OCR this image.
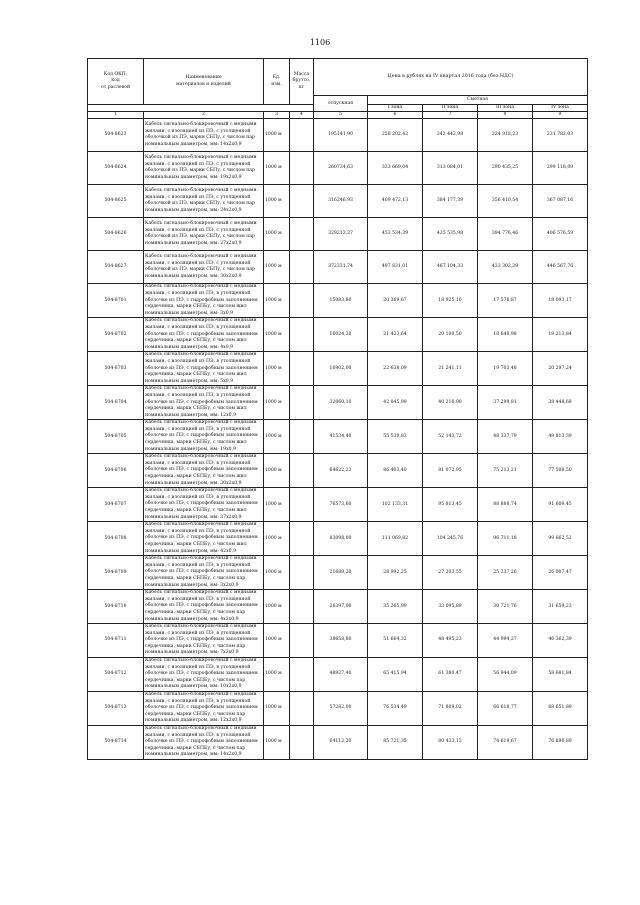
1106
Код ОКП,
код
от раслевой	Наименование
материалов и изделий	Ед.
изм.	Масса
брутто,
кг	Цена в рублях на IV квартал 2016 года (без НДС)				
				отпускная	Сметная			
					I зона	II зона	III зона	IV зона
1	2	3	4	5	6	7	8	9
504-8623	Кабель сигнально-блокировочный с медными жилами, с изоляцией из ПЭ, с утолщенной оболочкой из ПЭ, марки СБПу, с числом пар номинальным диаметром, мм: 14х2х0,9	1000 м		195141,90	258 202,42	242 442,98	224 918,23	231 782,03
504-8624	Кабель сигнально-блокировочный с медными жилами, с изоляцией из ПЭ, с утолщенной оболочкой из ПЭ, марки СБПу, с числом пар номинальным диаметром, мм: 19х2х0,9	1000 м		260734,63	333 669,04	313 084,01	290 435,25	299 118,09
504-8625	Кабель сигнально-блокировочный с медными жилами, с изоляцией из ПЭ, с утолщенной оболочкой из ПЭ, марки СБПу, с числом пар номинальным диаметром, мм: 24х2х0,9	1000 м		316246,93	409 472,13	384 177,39	356 410,54	367 087,16
504-8626	Кабель сигнально-блокировочный с медными жилами, с изоляцией из ПЭ, с утолщенной оболочкой из ПЭ, марки СБПу, с числом пар номинальным диаметром, мм: 27х2х0,9	1000 м		329213,27	453 534,39	425 535,98	394 776,46	406 576,59
504-8627	Кабель сигнально-блокировочный с медными жилами, с изоляцией из ПЭ, с утолщенной оболочкой из ПЭ, марки СБПу, с числом пар номинальным диаметром, мм: 30х2х0,9	1000 м		372331,74	497 831,01	467 104,33	433 302,39	446 567,76
504-8701	Кабель сигнально-блокировочный с медными жилами, с изоляцией из ПЭ, в утолщенной оболочке из ПЭ, с гидрофобным заполнением сердечника, марки СБПБу, с числом жил номинальным диаметром, мм: 3х0,9	1000 м		15083,80	20 369,67	18 925,10	17 576,87	18 093,17
504-8702	Кабель сигнально-блокировочный с медными жилами, с изоляцией из ПЭ, в утолщенной оболочке из ПЭ, с гидрофобным заполнением сердечника, марки СБПБу, с числом жил номинальным диаметром, мм: 4х0,9	1000 м		16024,20	21 423,64	20 100,50	18 648,98	19 213,84
504-8703	Кабель сигнально-блокировочный с медными жилами, с изоляцией из ПЭ, в утолщенной оболочке из ПЭ, с гидрофобным заполнением сердечника, марки СБПБу, с числом жил номинальным диаметром, мм: 5х0,9	1000 м		16902,00	22 638,09	21 241,11	19 703,48	20 297,24
504-8704	Кабель сигнально-блокировочный с медными жилами, с изоляцией из ПЭ, в утолщенной оболочке из ПЭ, с гидрофобным заполнением сердечника, марки СБПБу, с числом жил номинальным диаметром, мм: 12х0,9	1000 м		32060,10	42 845,99	40 216,90	37 299,81	38 448,68
504-8705	Кабель сигнально-блокировочный с медными жилами, с изоляцией из ПЭ, в утолщенной оболочке из ПЭ, с гидрофобным заполнением сердечника, марки СБПБу, с числом жил номинальным диаметром, мм: 19х0,9	1000 м		41534,40	55 539,83	52 143,72	48 337,79	49 813,39
504-8706	Кабель сигнально-блокировочный с медными жилами, с изоляцией из ПЭ, в утолщенной оболочке из ПЭ, с гидрофобным заполнением сердечника, марки СБПБу, с числом жил номинальным диаметром, мм: 30х2х0,9	1000 м		64622,23	86 403,40	81 072,95	75 213,21	77 508,50
504-8707	Кабель сигнально-блокировочный с медными жилами, с изоляцией из ПЭ, в утолщенной оболочке из ПЭ, с гидрофобным заполнением сердечника, марки СБПБу, с числом жил номинальным диаметром, мм: 37х2х0,9	1000 м		76573,60	102 133,31	95 813,45	88 888,74	91 609,45
504-8708	Кабель сигнально-блокировочный с медными жилами, с изоляцией из ПЭ, в утолщенной оболочке из ПЭ, с гидрофобным заполнением сердечника, марки СБПБу, с числом жил номинальным диаметром, мм: 42х0,9	1000 м		83098,00	111 069,82	104 245,76	96 711,18	99 662,52
504-8709	Кабель сигнально-блокировочный с медными жилами, с изоляцией из ПЭ, в утолщенной оболочке из ПЭ, с гидрофобным заполнением сердечника, марки СБПБу, с числом пар номинальным диаметром, мм: 3х2х0,9	1000 м		21689,20	28 992,25	27 203,55	25 237,26	26 007,47
504-8710	Кабель сигнально-блокировочный с медными жилами, с изоляцией из ПЭ, в утолщенной оболочке из ПЭ, с гидрофобным заполнением сердечника, марки СБПБу, с числом пар номинальным диаметром, мм: 4х2х0,9	1000 м		26397,00	35 265,99	33 095,89	30 721,76	31 659,23
504-8711	Кабель сигнально-блокировочный с медными жилами, с изоляцией из ПЭ, в утолщенной оболочке из ПЭ, с гидрофобным заполнением сердечника, марки СБПБу, с числом пар номинальным диаметром, мм: 7х2х0,9	1000 м		38658,80	51 664,32	48 495,23	44 994,27	46 362,39
504-8712	Кабель сигнально-блокировочный с медными жилами, с изоляцией из ПЭ, в утолщенной оболочке из ПЭ, с гидрофобным заполнением сердечника, марки СБПБу, с числом пар номинальным диаметром, мм: 10х2х0,9	1000 м		48927,40	65 415,94	61 380,47	56 944,09	58 681,84
504-8713	Кабель сигнально-блокировочный с медными жилами, с изоляцией из ПЭ, в утолщенной оболочке из ПЭ, с гидрофобным заполнением сердечника, марки СБПБу, с числом пар номинальным диаметром, мм: 12х2х0,9	1000 м		57282,00	76 534,49	71 809,02	66 618,77	68 651,89
504-8714	Кабель сигнально-блокировочный с медными жилами, с изоляцией из ПЭ, в утолщенной оболочке из ПЭ, с гидрофобным заполнением сердечника, марки СБПБу, с числом пар номинальным диаметром, мм: 14х2х0,9	1000 м		64112,20	85 721,35	80 433,13	74 619,67	76 896,89
